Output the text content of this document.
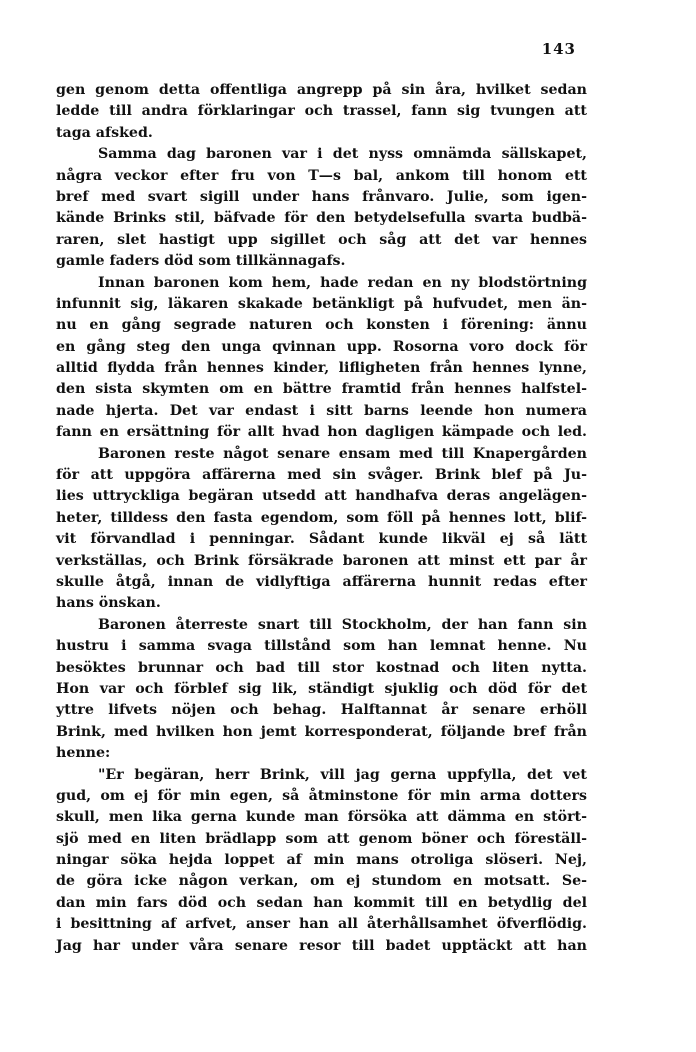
143
gen genom detta offentliga angrepp på sin åra, hvilket sedan
ledde till andra förklaringar och trassel, fann sig tvungen att
taga afsked.
Samma dag baronen var i det nyss omnämda sällskapet,
några veckor efter fru von T—s bal, ankom till honom ett
bref med svart sigill under hans frånvaro. Julie, som igen-
kände Brinks stil, bäfvade för den betydelsefulla svarta budbä-
raren, slet hastigt upp sigillet och såg att det var hennes
gamle faders död som tillkännagafs.
Innan baronen kom hem, hade redan en ny blodstörtning
infunnit sig, läkaren skakade betänkligt på hufvudet, men än-
nu en gång segrade naturen och konsten i förening: ännu
en gång steg den unga qvinnan upp. Rosorna voro dock för
alltid flydda från hennes kinder, lifligheten från hennes lynne,
den sista skymten om en bättre framtid från hennes halfstel-
nade hjerta. Det var endast i sitt barns leende hon numera
fann en ersättning för allt hvad hon dagligen kämpade och led.
Baronen reste något senare ensam med till Knapergården
för att uppgöra affärerna med sin svåger. Brink blef på Ju-
lies uttryckliga begäran utsedd att handhafva deras angelägen-
heter, tilldess den fasta egendom, som föll på hennes lott, blif-
vit förvandlad i penningar. Sådant kunde likväl ej så lätt
verkställas, och Brink försäkrade baronen att minst ett par år
skulle åtgå, innan de vidlyftiga affärerna hunnit redas efter
hans önskan.
Baronen återreste snart till Stockholm, der han fann sin
hustru i samma svaga tillstånd som han lemnat henne. Nu
besöktes brunnar och bad till stor kostnad och liten nytta.
Hon var och förblef sig lik, ständigt sjuklig och död för det
yttre lifvets nöjen och behag. Halftannat år senare erhöll
Brink, med hvilken hon jemt korresponderat, följande bref från
henne:
"Er begäran, herr Brink, vill jag gerna uppfylla, det vet
gud, om ej för min egen, så åtminstone för min arma dotters
skull, men lika gerna kunde man försöka att dämma en stört-
sjö med en liten brädlapp som att genom böner och föreställ-
ningar söka hejda loppet af min mans otroliga slöseri. Nej,
de göra icke någon verkan, om ej stundom en motsatt. Se-
dan min fars död och sedan han kommit till en betydlig del
i besittning af arfvet, anser han all återhållsamhet öfverflödig.
Jag har under våra senare resor till badet upptäckt att han
